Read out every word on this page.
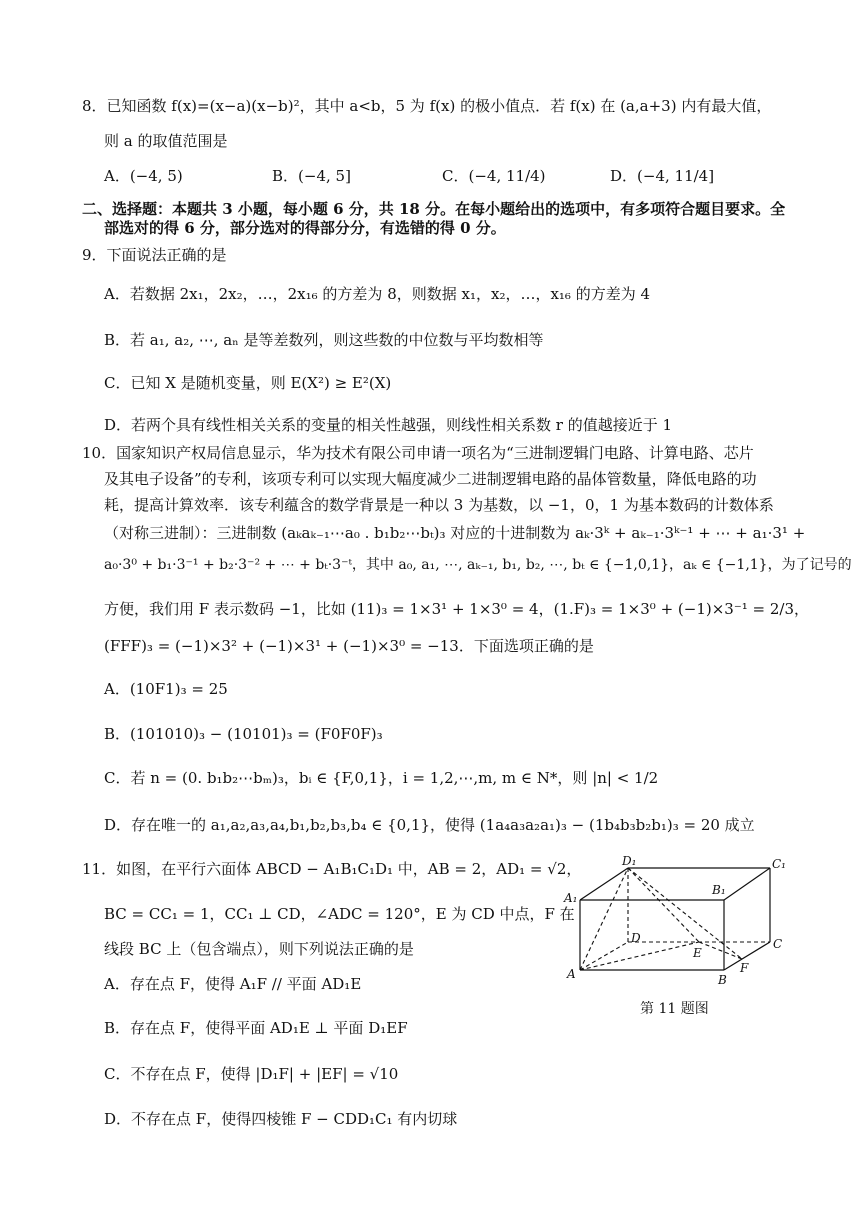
8．已知函数 f(x)=(x−a)(x−b)²，其中 a<b，5 为 f(x) 的极小值点．若 f(x) 在 (a,a+3) 内有最大值，
则 a 的取值范围是
A．(−4, 5)	B．(−4, 5]	C．(−4, 11/4)	D．(−4, 11/4]
二、选择题：本题共 3 小题，每小题 6 分，共 18 分。在每小题给出的选项中，有多项符合题目要求。全
部选对的得 6 分，部分选对的得部分分，有选错的得 0 分。
9．下面说法正确的是
A．若数据 2x₁，2x₂，…，2x₁₆ 的方差为 8，则数据 x₁，x₂，…，x₁₆ 的方差为 4
B．若 a₁, a₂, ⋯, aₙ 是等差数列，则这些数的中位数与平均数相等
C．已知 X 是随机变量，则 E(X²) ≥ E²(X)
D．若两个具有线性相关关系的变量的相关性越强，则线性相关系数 r 的值越接近于 1
10．国家知识产权局信息显示，华为技术有限公司申请一项名为“三进制逻辑门电路、计算电路、芯片
及其电子设备”的专利，该项专利可以实现大幅度减少二进制逻辑电路的晶体管数量，降低电路的功
耗，提高计算效率．该专利蕴含的数学背景是一种以 3 为基数，以 −1，0，1 为基本数码的计数体系
（对称三进制）：三进制数 (aₖaₖ₋₁⋯a₀ . b₁b₂⋯bₜ)₃ 对应的十进制数为 aₖ·3ᵏ + aₖ₋₁·3ᵏ⁻¹ + ⋯ + a₁·3¹ +
a₀·3⁰ + b₁·3⁻¹ + b₂·3⁻² + ⋯ + bₜ·3⁻ᵗ，其中 a₀, a₁, ⋯, aₖ₋₁, b₁, b₂, ⋯, bₜ ∈ {−1,0,1}，aₖ ∈ {−1,1}，为了记号的
方便，我们用 F 表示数码 −1，比如 (11)₃ = 1×3¹ + 1×3⁰ = 4，(1.F)₃ = 1×3⁰ + (−1)×3⁻¹ = 2/3，
(FFF)₃ = (−1)×3² + (−1)×3¹ + (−1)×3⁰ = −13．下面选项正确的是
A．(10F1)₃ = 25
B．(101010)₃ − (10101)₃ = (F0F0F)₃
C．若 n = (0. b₁b₂⋯bₘ)₃，bᵢ ∈ {F,0,1}，i = 1,2,⋯,m, m ∈ N*，则 |n| < 1/2
D．存在唯一的 a₁,a₂,a₃,a₄,b₁,b₂,b₃,b₄ ∈ {0,1}，使得 (1a₄a₃a₂a₁)₃ − (1b₄b₃b₂b₁)₃ = 20 成立
11．如图，在平行六面体 ABCD − A₁B₁C₁D₁ 中，AB = 2，AD₁ = √2，
BC = CC₁ = 1，CC₁ ⊥ CD，∠ADC = 120°，E 为 CD 中点，F 在
线段 BC 上（包含端点），则下列说法正确的是
A．存在点 F，使得 A₁F // 平面 AD₁E
B．存在点 F，使得平面 AD₁E ⊥ 平面 D₁EF
C．不存在点 F，使得 |D₁F| + |EF| = √10
D．不存在点 F，使得四棱锥 F − CDD₁C₁ 有内切球
D₁	C₁
A₁
B₁
D	C
A	B
E
F
第 11 题图
